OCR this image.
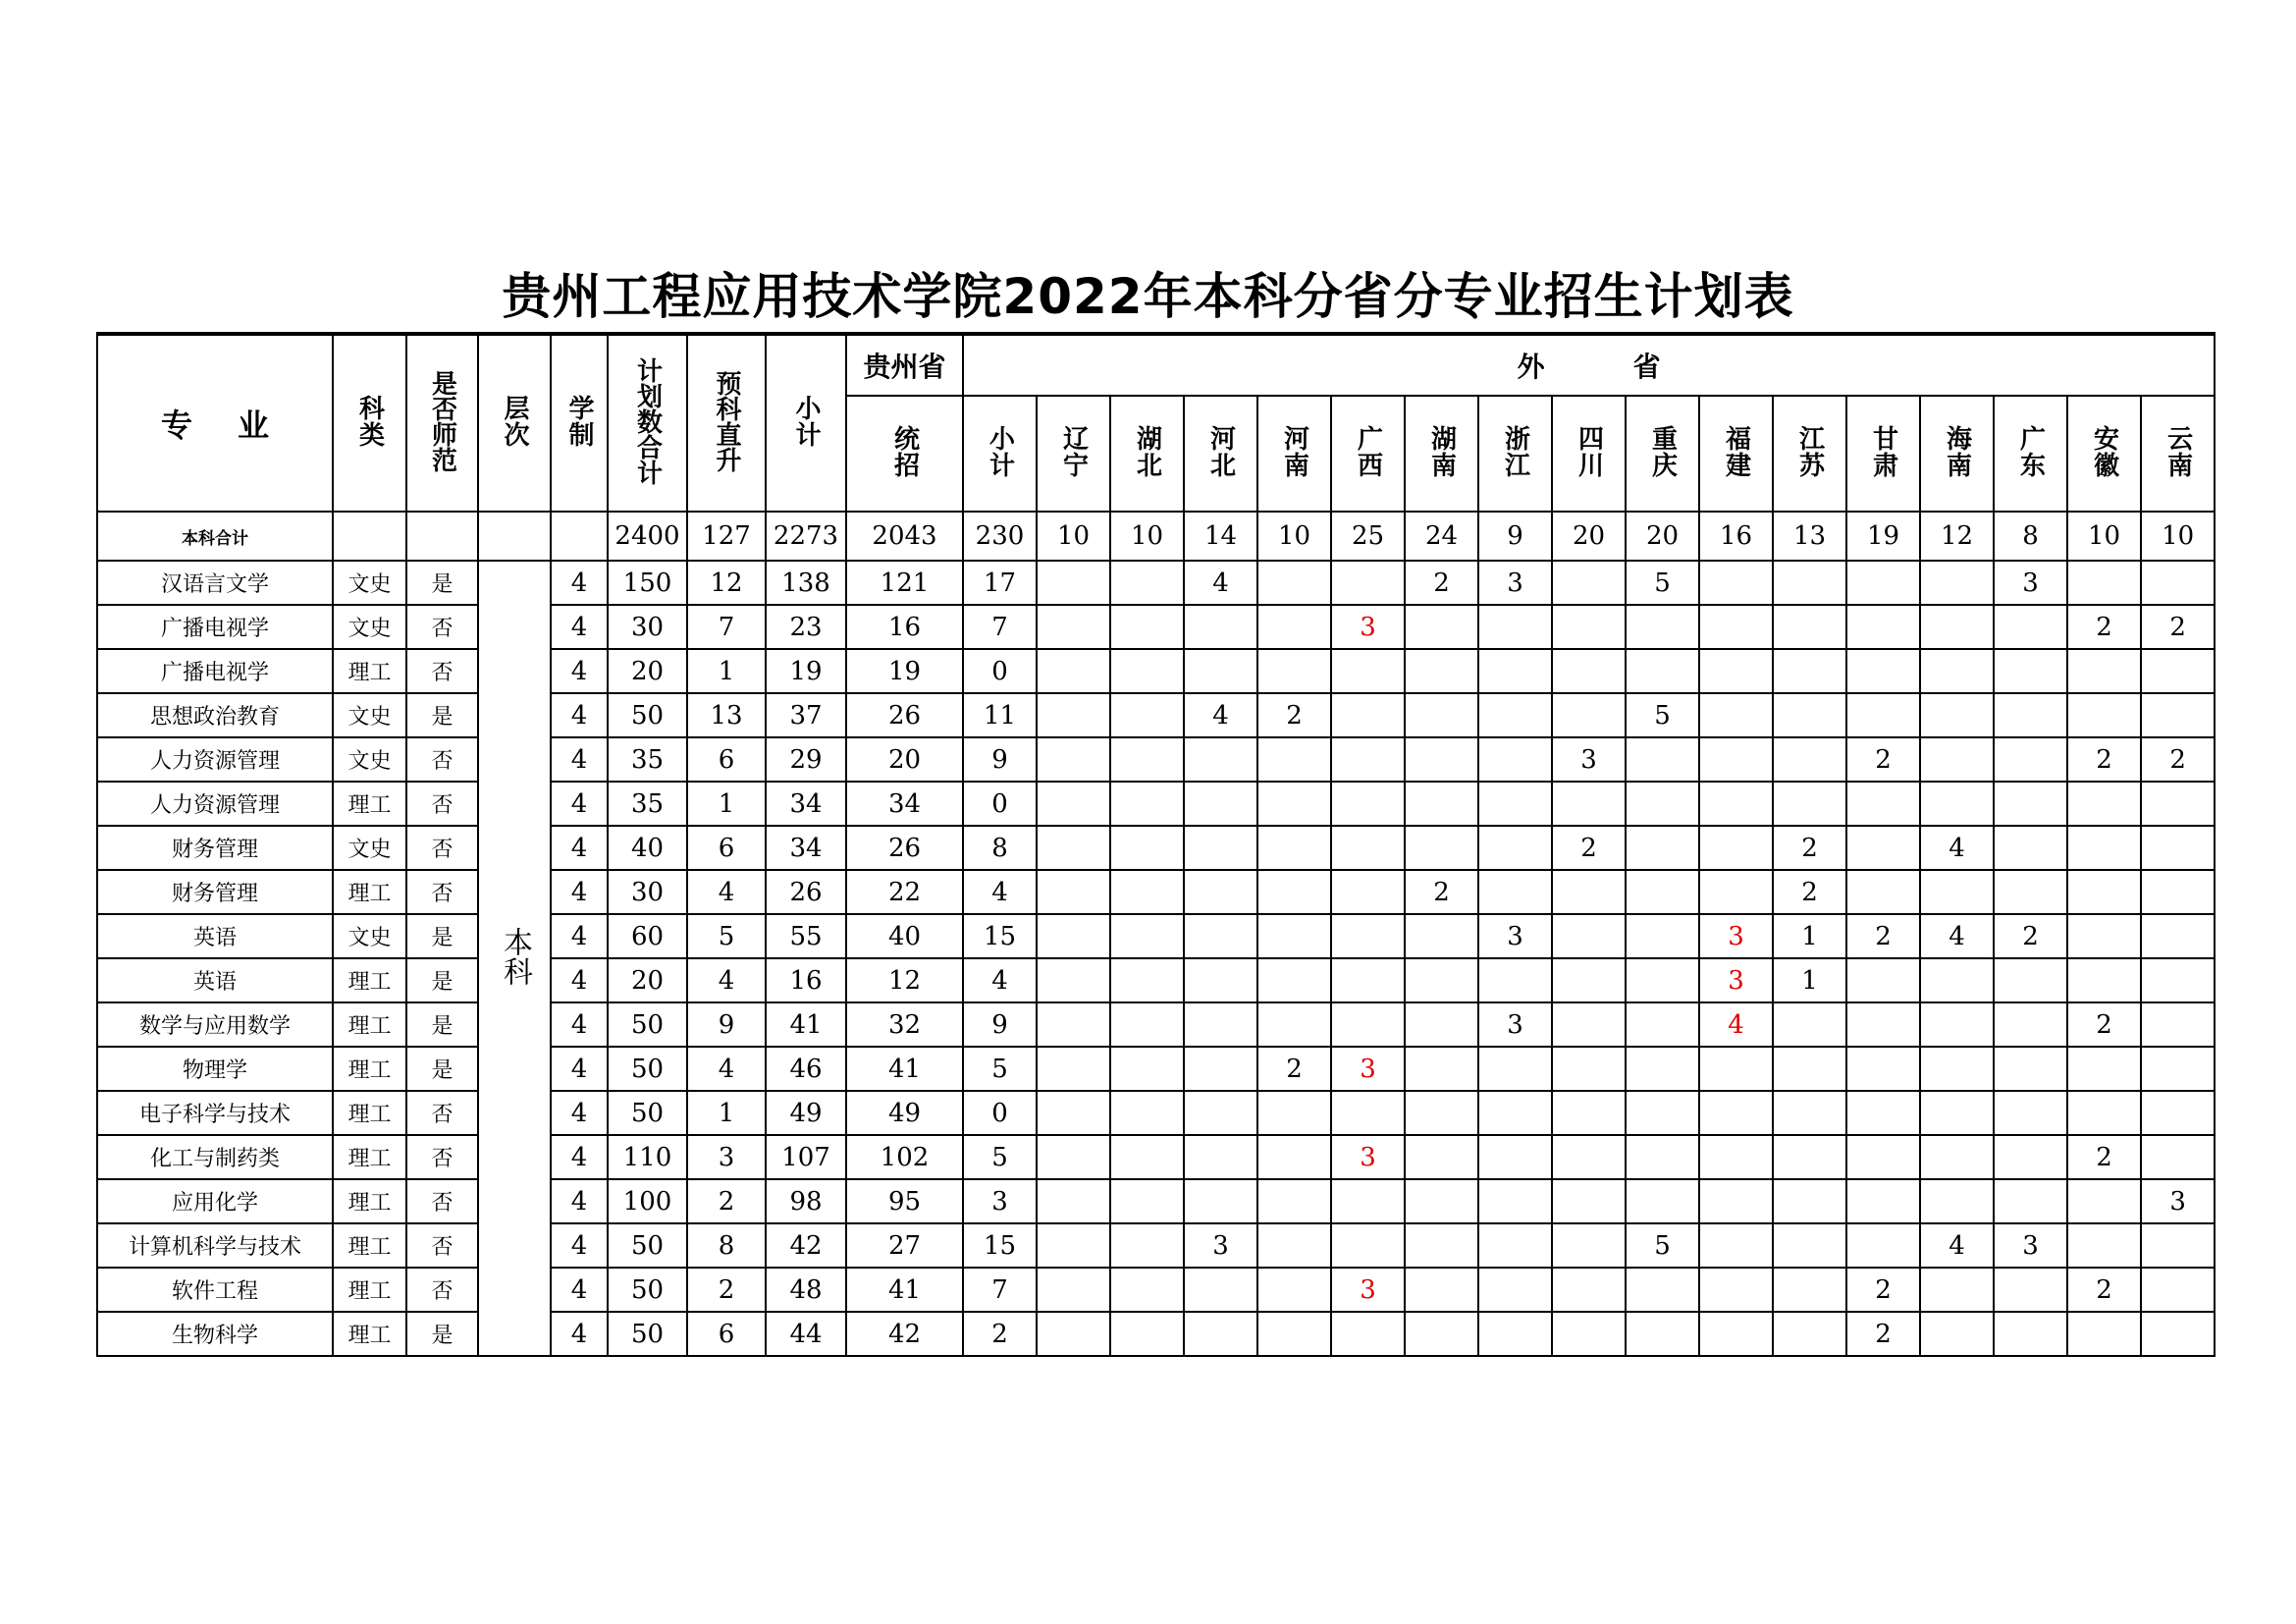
贵州工程应用技术学院2022年本科分省分专业招生计划表
专业	科类	是否师范	层次	学制	计划数合计	预科直升	小计	贵州省	外省																
								统招	小计	辽宁	湖北	河北	河南	广西	湖南	浙江	四川	重庆	福建	江苏	甘肃	海南	广东	安徽	云南
本科合计					2400	127	2273	2043	230	10	10	14	10	25	24	9	20	20	16	13	19	12	8	10	10
汉语言文学	文史	是	本科	4	150	12	138	121	17			4			2	3		5					3		
广播电视学	文史	否		4	30	7	23	16	7					3										2	2
广播电视学	理工	否		4	20	1	19	19	0																
思想政治教育	文史	是		4	50	13	37	26	11			4	2					5							
人力资源管理	文史	否		4	35	6	29	20	9								3				2			2	2
人力资源管理	理工	否		4	35	1	34	34	0																
财务管理	文史	否		4	40	6	34	26	8								2			2		4			
财务管理	理工	否		4	30	4	26	22	4						2					2					
英语	文史	是		4	60	5	55	40	15							3			3	1	2	4	2		
英语	理工	是		4	20	4	16	12	4										3	1					
数学与应用数学	理工	是		4	50	9	41	32	9							3			4					2	
物理学	理工	是		4	50	4	46	41	5				2	3											
电子科学与技术	理工	否		4	50	1	49	49	0																
化工与制药类	理工	否		4	110	3	107	102	5					3										2	
应用化学	理工	否		4	100	2	98	95	3																3
计算机科学与技术	理工	否		4	50	8	42	27	15			3						5				4	3		
软件工程	理工	否		4	50	2	48	41	7					3							2			2	
生物科学	理工	是		4	50	6	44	42	2												2				
